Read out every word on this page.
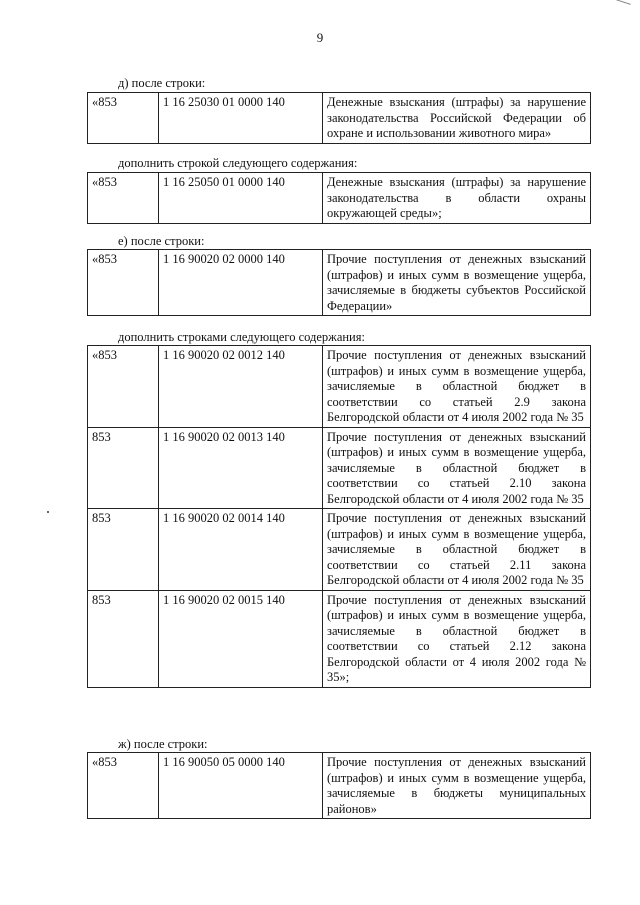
9
д) после строки:
«853	1 16 25030 01 0000 140	Денежные взыскания (штрафы) за нарушение законодательства Российской Федерации об охране и использовании животного мира»
дополнить строкой следующего содержания:
«853	1 16 25050 01 0000 140	Денежные взыскания (штрафы) за нарушение законодательства в области охраны окружающей среды»;
е) после строки:
«853	1 16 90020 02 0000 140	Прочие поступления от денежных взысканий (штрафов) и иных сумм в возмещение ущерба, зачисляемые в бюджеты субъектов Российской Федерации»
дополнить строками следующего содержания:
«853	1 16 90020 02 0012 140	Прочие поступления от денежных взысканий (штрафов) и иных сумм в возмещение ущерба, зачисляемые в областной бюджет в соответствии со статьей 2.9 закона Белгородской области от 4 июля 2002 года № 35
853	1 16 90020 02 0013 140	Прочие поступления от денежных взысканий (штрафов) и иных сумм в возмещение ущерба, зачисляемые в областной бюджет в соответствии со статьей 2.10 закона Белгородской области от 4 июля 2002 года № 35
853	1 16 90020 02 0014 140	Прочие поступления от денежных взысканий (штрафов) и иных сумм в возмещение ущерба, зачисляемые в областной бюджет в соответствии со статьей 2.11 закона Белгородской области от 4 июля 2002 года № 35
853	1 16 90020 02 0015 140	Прочие поступления от денежных взысканий (штрафов) и иных сумм в возмещение ущерба, зачисляемые в областной бюджет в соответствии со статьей 2.12 закона Белгородской области от 4 июля 2002 года № 35»;
ж) после строки:
«853	1 16 90050 05 0000 140	Прочие поступления от денежных взысканий (штрафов) и иных сумм в возмещение ущерба, зачисляемые в бюджеты муниципальных районов»
